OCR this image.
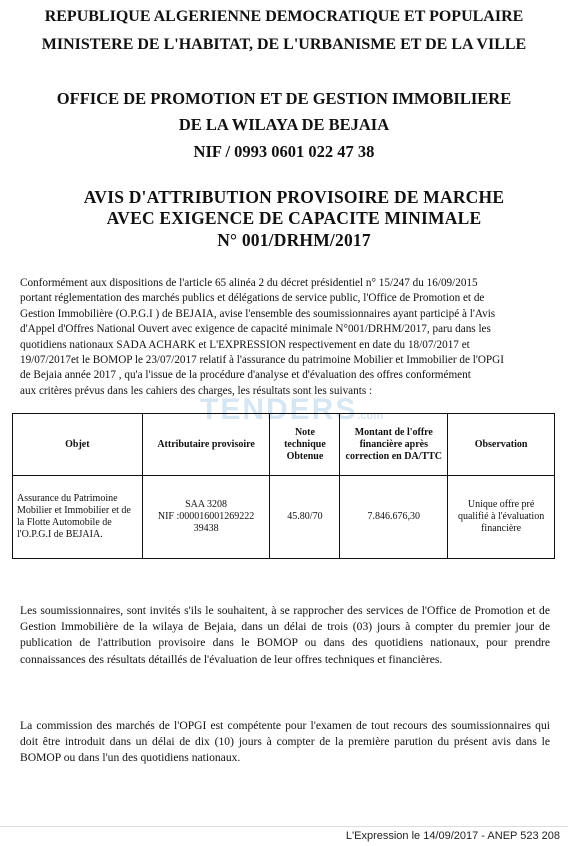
REPUBLIQUE ALGERIENNE DEMOCRATIQUE ET POPULAIRE
MINISTERE DE L'HABITAT, DE L'URBANISME ET DE LA VILLE
OFFICE DE PROMOTION ET DE GESTION IMMOBILIERE
DE LA WILAYA DE BEJAIA
NIF / 0993 0601 022 47 38
AVIS D'ATTRIBUTION PROVISOIRE DE MARCHE
AVEC EXIGENCE DE CAPACITE MINIMALE
N° 001/DRHM/2017
Conformément aux dispositions de l'article 65 alinéa 2 du décret présidentiel n° 15/247 du 16/09/2015
portant réglementation des marchés publics et délégations de service public, l'Office de Promotion et de
Gestion Immobilière (O.P.G.I ) de BEJAIA, avise l'ensemble des soumissionnaires ayant participé à l'Avis
d'Appel d'Offres National Ouvert avec exigence de capacité minimale N°001/DRHM/2017, paru dans les
quotidiens nationaux SADA ACHARK et L'EXPRESSION respectivement en date du 18/07/2017 et
19/07/2017et le BOMOP le 23/07/2017 relatif à l'assurance du patrimoine Mobilier et Immobilier de l'OPGI
de Bejaia année 2017 , qu'a l'issue de la procédure d'analyse et d'évaluation des offres conformément
aux critères prévus dans les cahiers des charges, les résultats sont les suivants :
TENDERS.com
Objet	Attributaire provisoire	Note technique Obtenue	Montant de l'offre financière après correction en DA/TTC	Observation
Assurance du Patrimoine Mobilier et Immobilier et de la Flotte Automobile de l'O.P.G.I de BEJAIA.	SAA 3208
NIF :000016001269222
39438	45.80/70	7.846.676,30	Unique offre pré qualifié à l'évaluation financière
Les soumissionnaires, sont invités s'ils le souhaitent, à se rapprocher des services de l'Office de Promotion et de Gestion Immobilière de la wilaya de Bejaia, dans un délai de trois (03) jours à compter du premier jour de publication de l'attribution provisoire dans le BOMOP ou dans des quotidiens nationaux, pour prendre connaissances des résultats détaillés de l'évaluation de leur offres techniques et financières.
La commission des marchés de l'OPGI est compétente pour l'examen de tout recours des soumissionnaires qui doit être introduit dans un délai de dix (10) jours à compter de la première parution du présent avis dans le BOMOP ou dans l'un des quotidiens nationaux.
L'Expression le 14/09/2017 - ANEP 523 208
